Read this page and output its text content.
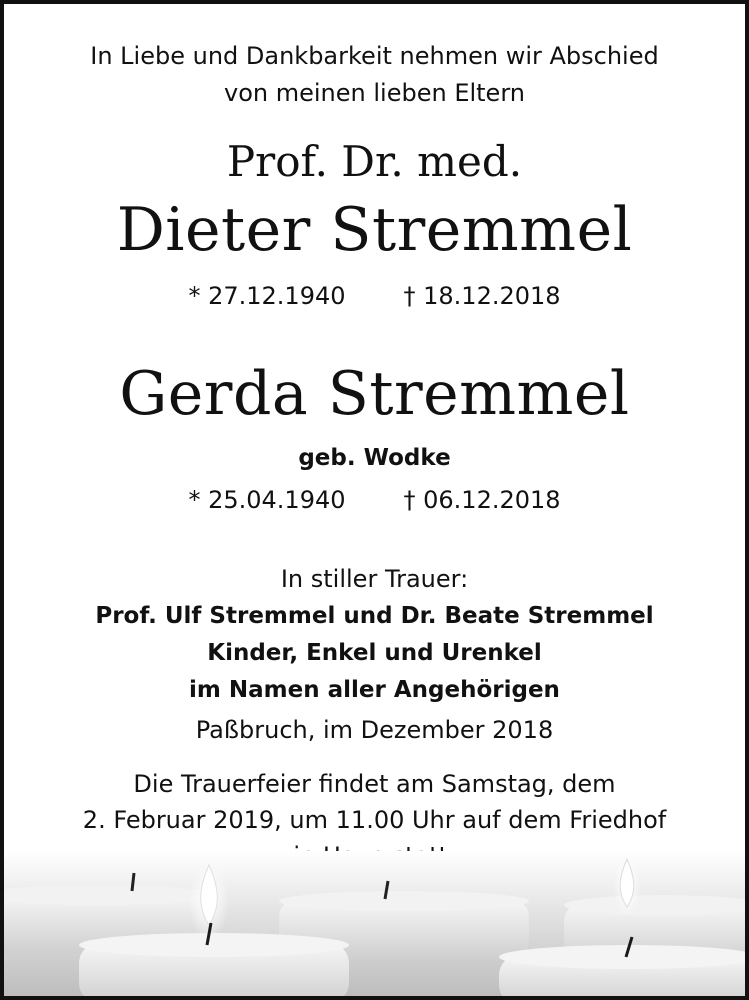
In Liebe und Dankbarkeit nehmen wir Abschied
von meinen lieben Eltern
Prof. Dr. med.
Dieter Stremmel
* 27.12.1940 † 18.12.2018
Gerda Stremmel
geb. Wodke
* 25.04.1940 † 06.12.2018
In stiller Trauer:
Prof. Ulf Stremmel und Dr. Beate Stremmel
Kinder, Enkel und Urenkel
im Namen aller Angehörigen
Paßbruch, im Dezember 2018
Die Trauerfeier findet am Samstag, dem
2. Februar 2019, um 11.00 Uhr auf dem Friedhof
